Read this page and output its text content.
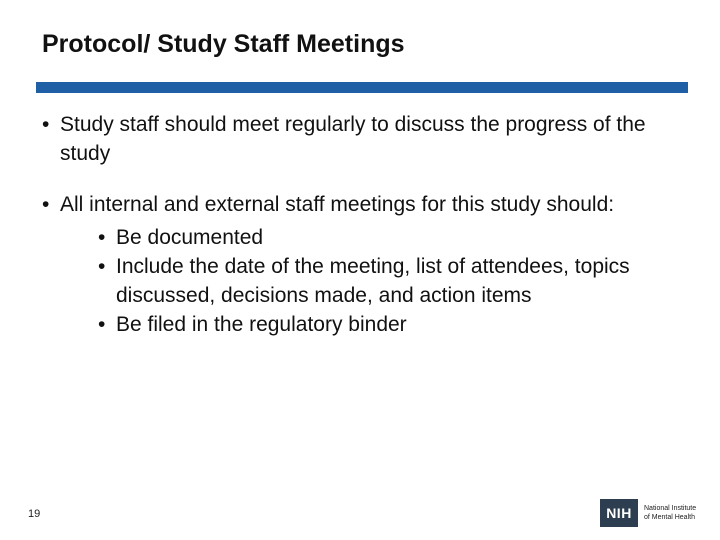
Protocol/ Study Staff Meetings
• Study staff should meet regularly to discuss the progress of the study
• All internal and external staff meetings for this study should:
• Be documented
• Include the date of the meeting, list of attendees, topics discussed, decisions made, and action items
• Be filed in the regulatory binder
19	NIH	National Institute
of Mental Health
